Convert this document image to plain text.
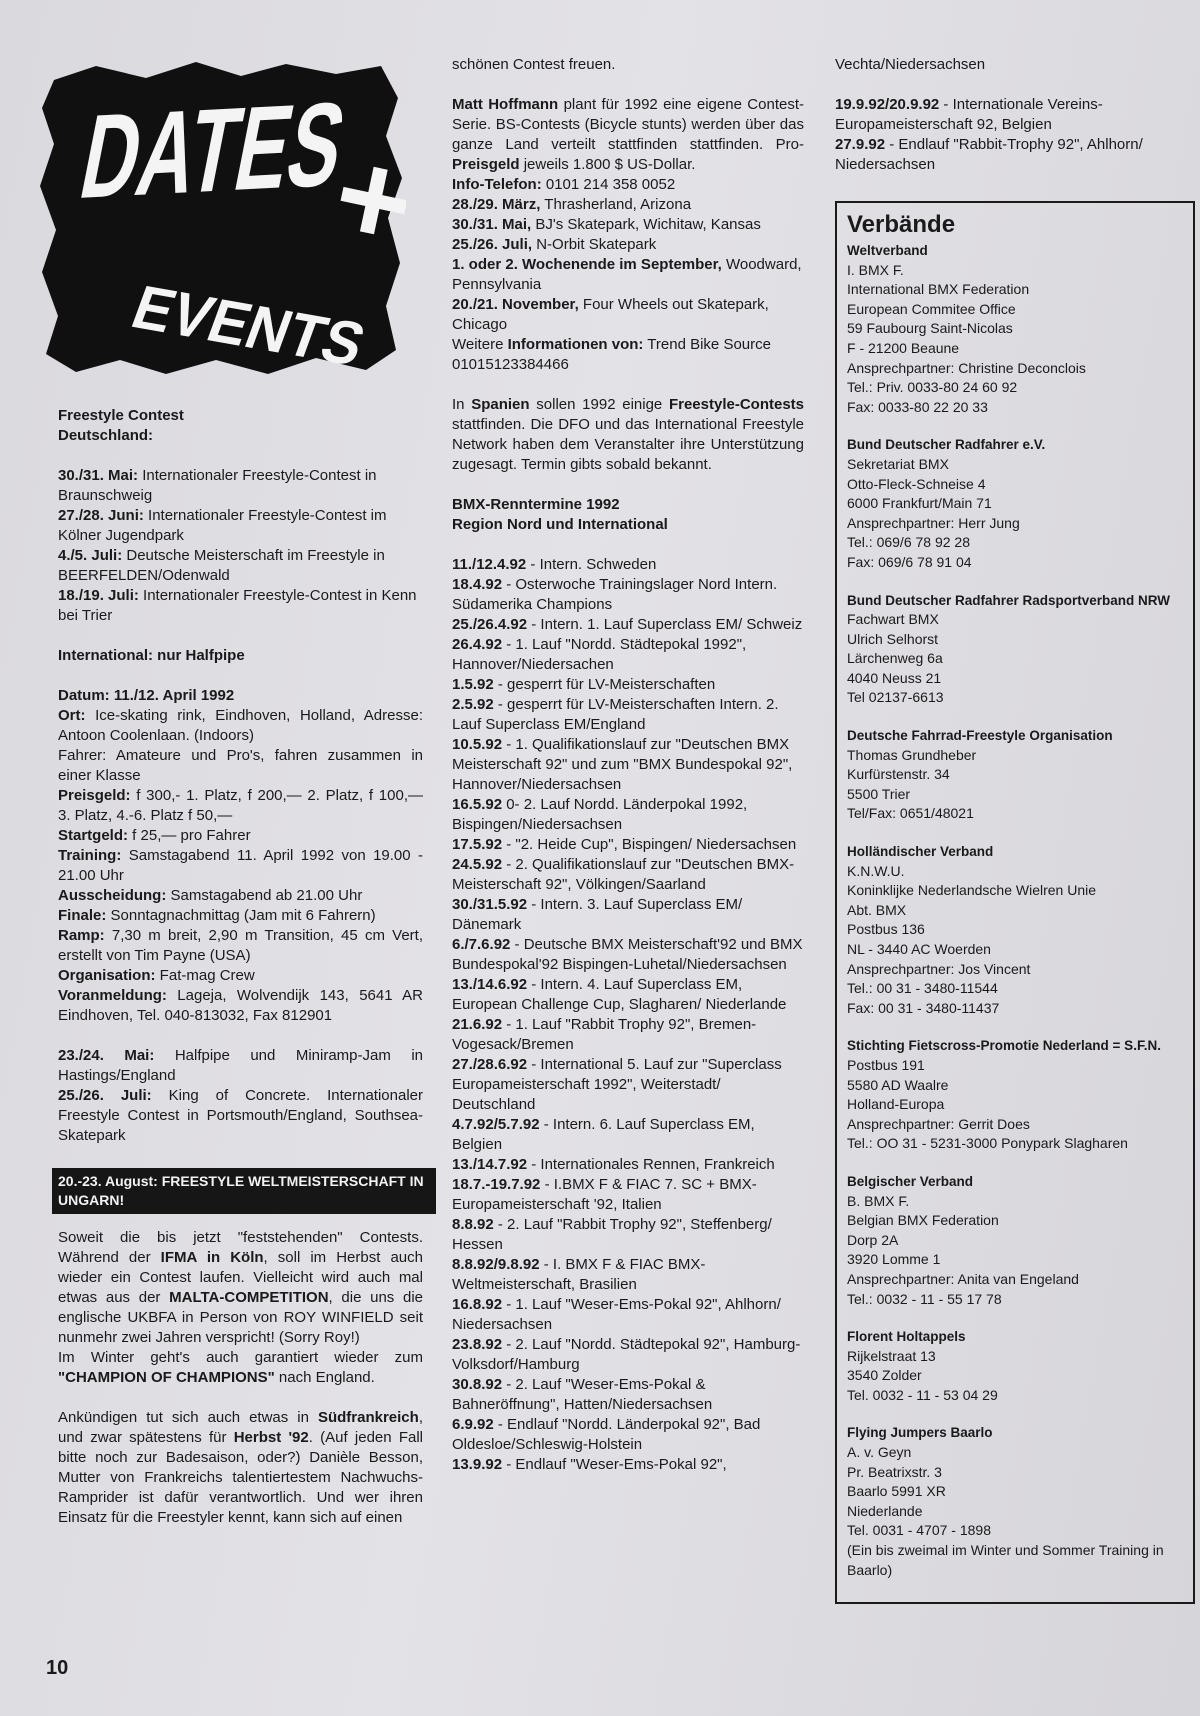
DATES
+
EVENTS

Freestyle Contest

Deutschland:

30./31. Mai: Internationaler Freestyle-Contest in Braunschweig

27./28. Juni: Internationaler Freestyle-Contest im Kölner Jugendpark

4./5. Juli: Deutsche Meisterschaft im Freestyle in BEERFELDEN/Odenwald

18./19. Juli: Internationaler Freestyle-Contest in Kenn bei Trier

International: nur Halfpipe

Datum: 11./12. April 1992

Ort: Ice-skating rink, Eindhoven, Holland, Adresse: Antoon Coolenlaan. (Indoors)

Fahrer: Amateure und Pro's, fahren zusammen in einer Klasse

Preisgeld: f 300,- 1. Platz, f 200,— 2. Platz, f 100,— 3. Platz, 4.-6. Platz f 50,—

Startgeld: f 25,— pro Fahrer

Training: Samstagabend 11. April 1992 von 19.00 - 21.00 Uhr

Ausscheidung: Samstagabend ab 21.00 Uhr

Finale: Sonntagnachmittag (Jam mit 6 Fahrern)

Ramp: 7,30 m breit, 2,90 m Transition, 45 cm Vert, erstellt von Tim Payne (USA)

Organisation: Fat-mag Crew

Voranmeldung: Lageja, Wolvendijk 143, 5641 AR Eindhoven, Tel. 040-813032, Fax 812901

23./24. Mai: Halfpipe und Miniramp-Jam in Hastings/England

25./26. Juli: King of Concrete. Internationaler Freestyle Contest in Portsmouth/England, Southsea-Skatepark

20.-23. August: FREESTYLE WELTMEISTERSCHAFT IN UNGARN!

Soweit die bis jetzt "feststehenden" Contests. Während der IFMA in Köln, soll im Herbst auch wieder ein Contest laufen. Vielleicht wird auch mal etwas aus der MALTA-COMPETITION, die uns die englische UKBFA in Person von ROY WINFIELD seit nunmehr zwei Jahren verspricht! (Sorry Roy!)

Im Winter geht's auch garantiert wieder zum "CHAMPION OF CHAMPIONS" nach England.

Ankündigen tut sich auch etwas in Südfrankreich, und zwar spätestens für Herbst '92. (Auf jeden Fall bitte noch zur Badesaison, oder?) Danièle Besson, Mutter von Frankreichs talentiertestem Nachwuchs-Ramprider ist dafür verantwortlich. Und wer ihren Einsatz für die Freestyler kennt, kann sich auf einen

schönen Contest freuen.

Matt Hoffmann plant für 1992 eine eigene Contest-Serie. BS-Contests (Bicycle stunts) werden über das ganze Land verteilt stattfinden stattfinden. Pro-Preisgeld jeweils 1.800 $ US-Dollar.

Info-Telefon: 0101 214 358 0052

28./29. März, Thrasherland, Arizona

30./31. Mai, BJ's Skatepark, Wichitaw, Kansas

25./26. Juli, N-Orbit Skatepark

1. oder 2. Wochenende im September, Woodward, Pennsylvania

20./21. November, Four Wheels out Skatepark, Chicago

Weitere Informationen von: Trend Bike Source 01015123384466

In Spanien sollen 1992 einige Freestyle-Contests stattfinden. Die DFO und das International Freestyle Network haben dem Veranstalter ihre Unterstützung zugesagt. Termin gibts sobald bekannt.

BMX-Renntermine 1992

Region Nord und International

11./12.4.92 - Intern. Schweden

18.4.92 - Osterwoche Trainingslager Nord Intern. Südamerika Champions

25./26.4.92 - Intern. 1. Lauf Superclass EM/ Schweiz

26.4.92 - 1. Lauf "Nordd. Städtepokal 1992", Hannover/Niedersachen

1.5.92 - gesperrt für LV-Meisterschaften

2.5.92 - gesperrt für LV-Meisterschaften Intern. 2. Lauf Superclass EM/England

10.5.92 - 1. Qualifikationslauf zur "Deutschen BMX Meisterschaft 92" und zum "BMX Bundespokal 92", Hannover/Niedersachsen

16.5.92 0- 2. Lauf Nordd. Länderpokal 1992, Bispingen/Niedersachsen

17.5.92 - "2. Heide Cup", Bispingen/ Niedersachsen

24.5.92 - 2. Qualifikationslauf zur "Deutschen BMX-Meisterschaft 92", Völkingen/Saarland

30./31.5.92 - Intern. 3. Lauf Superclass EM/ Dänemark

6./7.6.92 - Deutsche BMX Meisterschaft'92 und BMX Bundespokal'92 Bispingen-Luhetal/Niedersachsen

13./14.6.92 - Intern. 4. Lauf Superclass EM, European Challenge Cup, Slagharen/ Niederlande

21.6.92 - 1. Lauf "Rabbit Trophy 92", Bremen-Vogesack/Bremen

27./28.6.92 - International 5. Lauf zur "Superclass Europameisterschaft 1992", Weiterstadt/ Deutschland

4.7.92/5.7.92 - Intern. 6. Lauf Superclass EM, Belgien

13./14.7.92 - Internationales Rennen, Frankreich

18.7.-19.7.92 - I.BMX F & FIAC 7. SC + BMX-Europameisterschaft '92, Italien

8.8.92 - 2. Lauf "Rabbit Trophy 92", Steffenberg/ Hessen

8.8.92/9.8.92 - I. BMX F & FIAC BMX-Weltmeisterschaft, Brasilien

16.8.92 - 1. Lauf "Weser-Ems-Pokal 92", Ahlhorn/ Niedersachsen

23.8.92 - 2. Lauf "Nordd. Städtepokal 92", Hamburg-Volksdorf/Hamburg

30.8.92 - 2. Lauf "Weser-Ems-Pokal & Bahneröffnung", Hatten/Niedersachsen

6.9.92 - Endlauf "Nordd. Länderpokal 92", Bad Oldesloe/Schleswig-Holstein

13.9.92 - Endlauf "Weser-Ems-Pokal 92",

Vechta/Niedersachsen

19.9.92/20.9.92 - Internationale Vereins-Europameisterschaft 92, Belgien

27.9.92 - Endlauf "Rabbit-Trophy 92", Ahlhorn/ Niedersachsen

Verbände
Weltverband
I. BMX F.
International BMX Federation
European Commitee Office
59 Faubourg Saint-Nicolas
F - 21200 Beaune
Ansprechpartner: Christine Deconclois
Tel.: Priv. 0033-80 24 60 92
Fax: 0033-80 22 20 33
Bund Deutscher Radfahrer e.V.
Sekretariat BMX
Otto-Fleck-Schneise 4
6000 Frankfurt/Main 71
Ansprechpartner: Herr Jung
Tel.: 069/6 78 92 28
Fax: 069/6 78 91 04
Bund Deutscher Radfahrer Radsportverband NRW
Fachwart BMX
Ulrich Selhorst
Lärchenweg 6a
4040 Neuss 21
Tel 02137-6613
Deutsche Fahrrad-Freestyle Organisation
Thomas Grundheber
Kurfürstenstr. 34
5500 Trier
Tel/Fax: 0651/48021
Holländischer Verband
K.N.W.U.
Koninklijke Nederlandsche Wielren Unie
Abt. BMX
Postbus 136
NL - 3440 AC Woerden
Ansprechpartner: Jos Vincent
Tel.: 00 31 - 3480-11544
Fax: 00 31 - 3480-11437
Stichting Fietscross-Promotie Nederland = S.F.N.
Postbus 191
5580 AD Waalre
Holland-Europa
Ansprechpartner: Gerrit Does
Tel.: OO 31 - 5231-3000 Ponypark Slagharen
Belgischer Verband
B. BMX F.
Belgian BMX Federation
Dorp 2A
3920 Lomme 1
Ansprechpartner: Anita van Engeland
Tel.: 0032 - 11 - 55 17 78
Florent Holtappels
Rijkelstraat 13
3540 Zolder
Tel. 0032 - 11 - 53 04 29
Flying Jumpers Baarlo
A. v. Geyn
Pr. Beatrixstr. 3
Baarlo 5991 XR
Niederlande
Tel. 0031 - 4707 - 1898
(Ein bis zweimal im Winter und Sommer Training in Baarlo)
10
